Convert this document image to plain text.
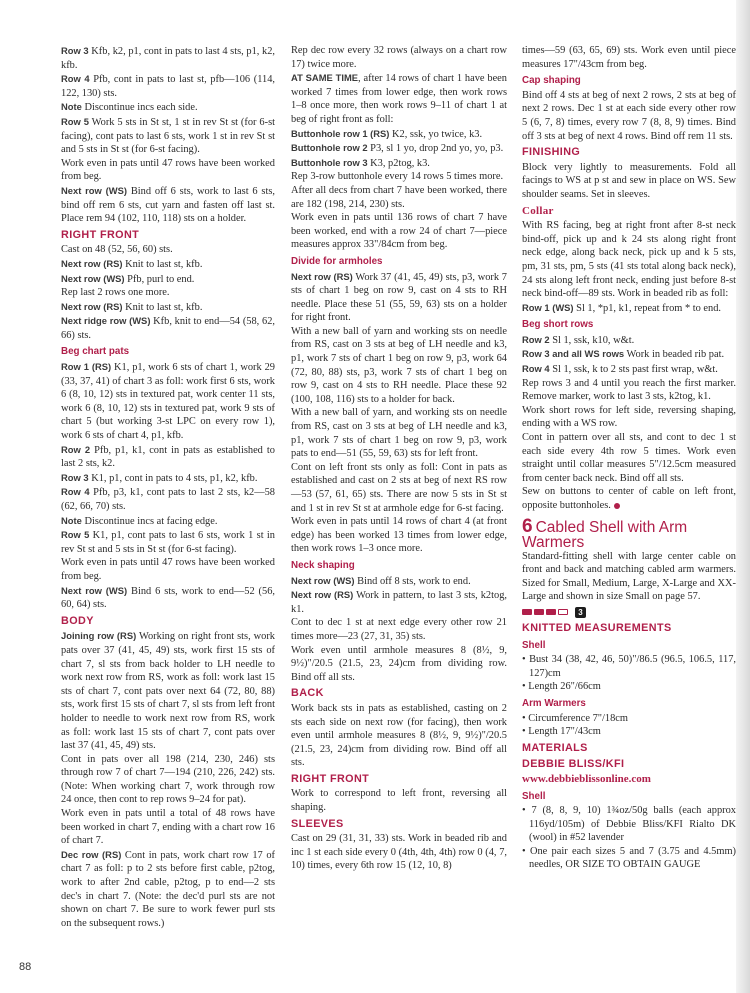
Row 3 Kfb, k2, p1, cont in pats to last 4 sts, p1, k2, kfb.

Row 4 Pfb, cont in pats to last st, pfb—106 (114, 122, 130) sts.

Note Discontinue incs each side.

Row 5 Work 5 sts in St st, 1 st in rev St st (for 6-st facing), cont pats to last 6 sts, work 1 st in rev St st and 5 sts in St st (for 6-st facing).

Work even in pats until 47 rows have been worked from beg.

Next row (WS) Bind off 6 sts, work to last 6 sts, bind off rem 6 sts, cut yarn and fasten off last st. Place rem 94 (102, 110, 118) sts on a holder.

RIGHT FRONT

Cast on 48 (52, 56, 60) sts.

Next row (RS) Knit to last st, kfb.

Next row (WS) Pfb, purl to end.

Rep last 2 rows one more.

Next row (RS) Knit to last st, kfb.

Next ridge row (WS) Kfb, knit to end—54 (58, 62, 66) sts.

Beg chart pats

Row 1 (RS) K1, p1, work 6 sts of chart 1, work 29 (33, 37, 41) of chart 3 as foll: work first 6 sts, work 6 (8, 10, 12) sts in textured pat, work center 11 sts, work 6 (8, 10, 12) sts in textured pat, work 9 sts of chart 5 (but working 3-st LPC on every row 1), work 6 sts of chart 4, p1, kfb.

Row 2 Pfb, p1, k1, cont in pats as established to last 2 sts, k2.

Row 3 K1, p1, cont in pats to 4 sts, p1, k2, kfb.

Row 4 Pfb, p3, k1, cont pats to last 2 sts, k2—58 (62, 66, 70) sts.

Note Discontinue incs at facing edge.

Row 5 K1, p1, cont pats to last 6 sts, work 1 st in rev St st and 5 sts in St st (for 6-st facing).

Work even in pats until 47 rows have been worked from beg.

Next row (WS) Bind 6 sts, work to end—52 (56, 60, 64) sts.

BODY

Joining row (RS) Working on right front sts, work pats over 37 (41, 45, 49) sts, work first 15 sts of chart 7, sl sts from back holder to LH needle to work next row from RS, work as foll: work last 15 sts of chart 7, cont pats over next 64 (72, 80, 88) sts, work first 15 sts of chart 7, sl sts from left front holder to needle to work next row from RS, work as foll: work last 15 sts of chart 7, cont pats over last 37 (41, 45, 49) sts.

Cont in pats over all 198 (214, 230, 246) sts through row 7 of chart 7—194 (210, 226, 242) sts. (Note: When working chart 7, work through row 24 once, then cont to rep rows 9–24 for pat).

Work even in pats until a total of 48 rows have been worked in chart 7, ending with a chart row 16 of chart 7.

Dec row (RS) Cont in pats, work chart row 17 of chart 7 as foll: p to 2 sts before first cable, p2tog, work to after 2nd cable, p2tog, p to end—2 sts dec's in chart 7. (Note: the dec'd purl sts are not shown on chart 7. Be sure to work fewer purl sts on the subsequent rows.)

Rep dec row every 32 rows (always on a chart row 17) twice more.

AT SAME TIME, after 14 rows of chart 1 have been worked 7 times from lower edge, then work rows 1–8 once more, then work rows 9–11 of chart 1 at beg of right front as foll:

Buttonhole row 1 (RS) K2, ssk, yo twice, k3.

Buttonhole row 2 P3, sl 1 yo, drop 2nd yo, yo, p3.

Buttonhole row 3 K3, p2tog, k3.

Rep 3-row buttonhole every 14 rows 5 times more.

After all decs from chart 7 have been worked, there are 182 (198, 214, 230) sts.

Work even in pats until 136 rows of chart 7 have been worked, end with a row 24 of chart 7—piece measures approx 33"/84cm from beg.

Divide for armholes

Next row (RS) Work 37 (41, 45, 49) sts, p3, work 7 sts of chart 1 beg on row 9, cast on 4 sts to RH needle. Place these 51 (55, 59, 63) sts on a holder for right front.

With a new ball of yarn and working sts on needle from RS, cast on 3 sts at beg of LH needle and k3, p1, work 7 sts of chart 1 beg on row 9, p3, work 64 (72, 80, 88) sts, p3, work 7 sts of chart 1 beg on row 9, cast on 4 sts to RH needle. Place these 92 (100, 108, 116) sts to a holder for back.

With a new ball of yarn, and working sts on needle from RS, cast on 3 sts at beg of LH needle and k3, p1, work 7 sts of chart 1 beg on row 9, p3, work pats to end—51 (55, 59, 63) sts for left front.

Cont on left front sts only as foll: Cont in pats as established and cast on 2 sts at beg of next RS row—53 (57, 61, 65) sts. There are now 5 sts in St st and 1 st in rev St st at armhole edge for 6-st facing.

Work even in pats until 14 rows of chart 4 (at front edge) has been worked 13 times from lower edge, then work rows 1–3 once more.

Neck shaping

Next row (WS) Bind off 8 sts, work to end.

Next row (RS) Work in pattern, to last 3 sts, k2tog, k1.

Cont to dec 1 st at next edge every other row 21 times more—23 (27, 31, 35) sts.

Work even until armhole measures 8 (8½, 9, 9½)"/20.5 (21.5, 23, 24)cm from dividing row. Bind off all sts.

BACK

Work back sts in pats as established, casting on 2 sts each side on next row (for facing), then work even until armhole measures 8 (8½, 9, 9½)"/20.5 (21.5, 23, 24)cm from dividing row. Bind off all sts.

RIGHT FRONT

Work to correspond to left front, reversing all shaping.

SLEEVES

Cast on 29 (31, 31, 33) sts. Work in beaded rib and inc 1 st each side every 0 (4th, 4th, 4th) row 0 (4, 7, 10) times, every 6th row 15 (12, 10, 8)

times—59 (63, 65, 69) sts. Work even until piece measures 17"/43cm from beg.

Cap shaping

Bind off 4 sts at beg of next 2 rows, 2 sts at beg of next 2 rows. Dec 1 st at each side every other row 5 (6, 7, 8) times, every row 7 (8, 8, 9) times. Bind off 3 sts at beg of next 4 rows. Bind off rem 11 sts.

FINISHING

Block very lightly to measurements. Fold all facings to WS at p st and sew in place on WS. Sew shoulder seams. Set in sleeves.

Collar

With RS facing, beg at right front after 8-st neck bind-off, pick up and k 24 sts along right front neck edge, along back neck, pick up and k 5 sts, pm, 31 sts, pm, 5 sts (41 sts total along back neck), 24 sts along left front neck, ending just before 8-st neck bind-off—89 sts. Work in beaded rib as foll:

Row 1 (WS) Sl 1, *p1, k1, repeat from * to end.

Beg short rows

Row 2 Sl 1, ssk, k10, w&t.

Row 3 and all WS rows Work in beaded rib pat.

Row 4 Sl 1, ssk, k to 2 sts past first wrap, w&t.

Rep rows 3 and 4 until you reach the first marker. Remove marker, work to last 3 sts, k2tog, k1.

Work short rows for left side, reversing shaping, ending with a WS row.

Cont in pattern over all sts, and cont to dec 1 st each side every 4th row 5 times. Work even straight until collar measures 5"/12.5cm measured from center back neck. Bind off all sts.

Sew on buttons to center of cable on left front, opposite buttonholes.

6 Cabled Shell with Arm Warmers

Standard-fitting shell with large center cable on front and back and matching cabled arm warmers. Sized for Small, Medium, Large, X-Large and XX-Large and shown in size Small on page 57.

3
KNITTED MEASUREMENTS
Shell

• Bust 34 (38, 42, 46, 50)"/86.5 (96.5, 106.5, 117, 127)cm

• Length 26"/66cm

Arm Warmers

• Circumference 7"/18cm

• Length 17"/43cm

MATERIALS
DEBBIE BLISS/KFI
www.debbieblissonline.com
Shell

• 7 (8, 8, 9, 10) 1¾oz/50g balls (each approx 116yd/105m) of Debbie Bliss/KFI Rialto DK (wool) in #52 lavender

• One pair each sizes 5 and 7 (3.75 and 4.5mm) needles, OR SIZE TO OBTAIN GAUGE

88
